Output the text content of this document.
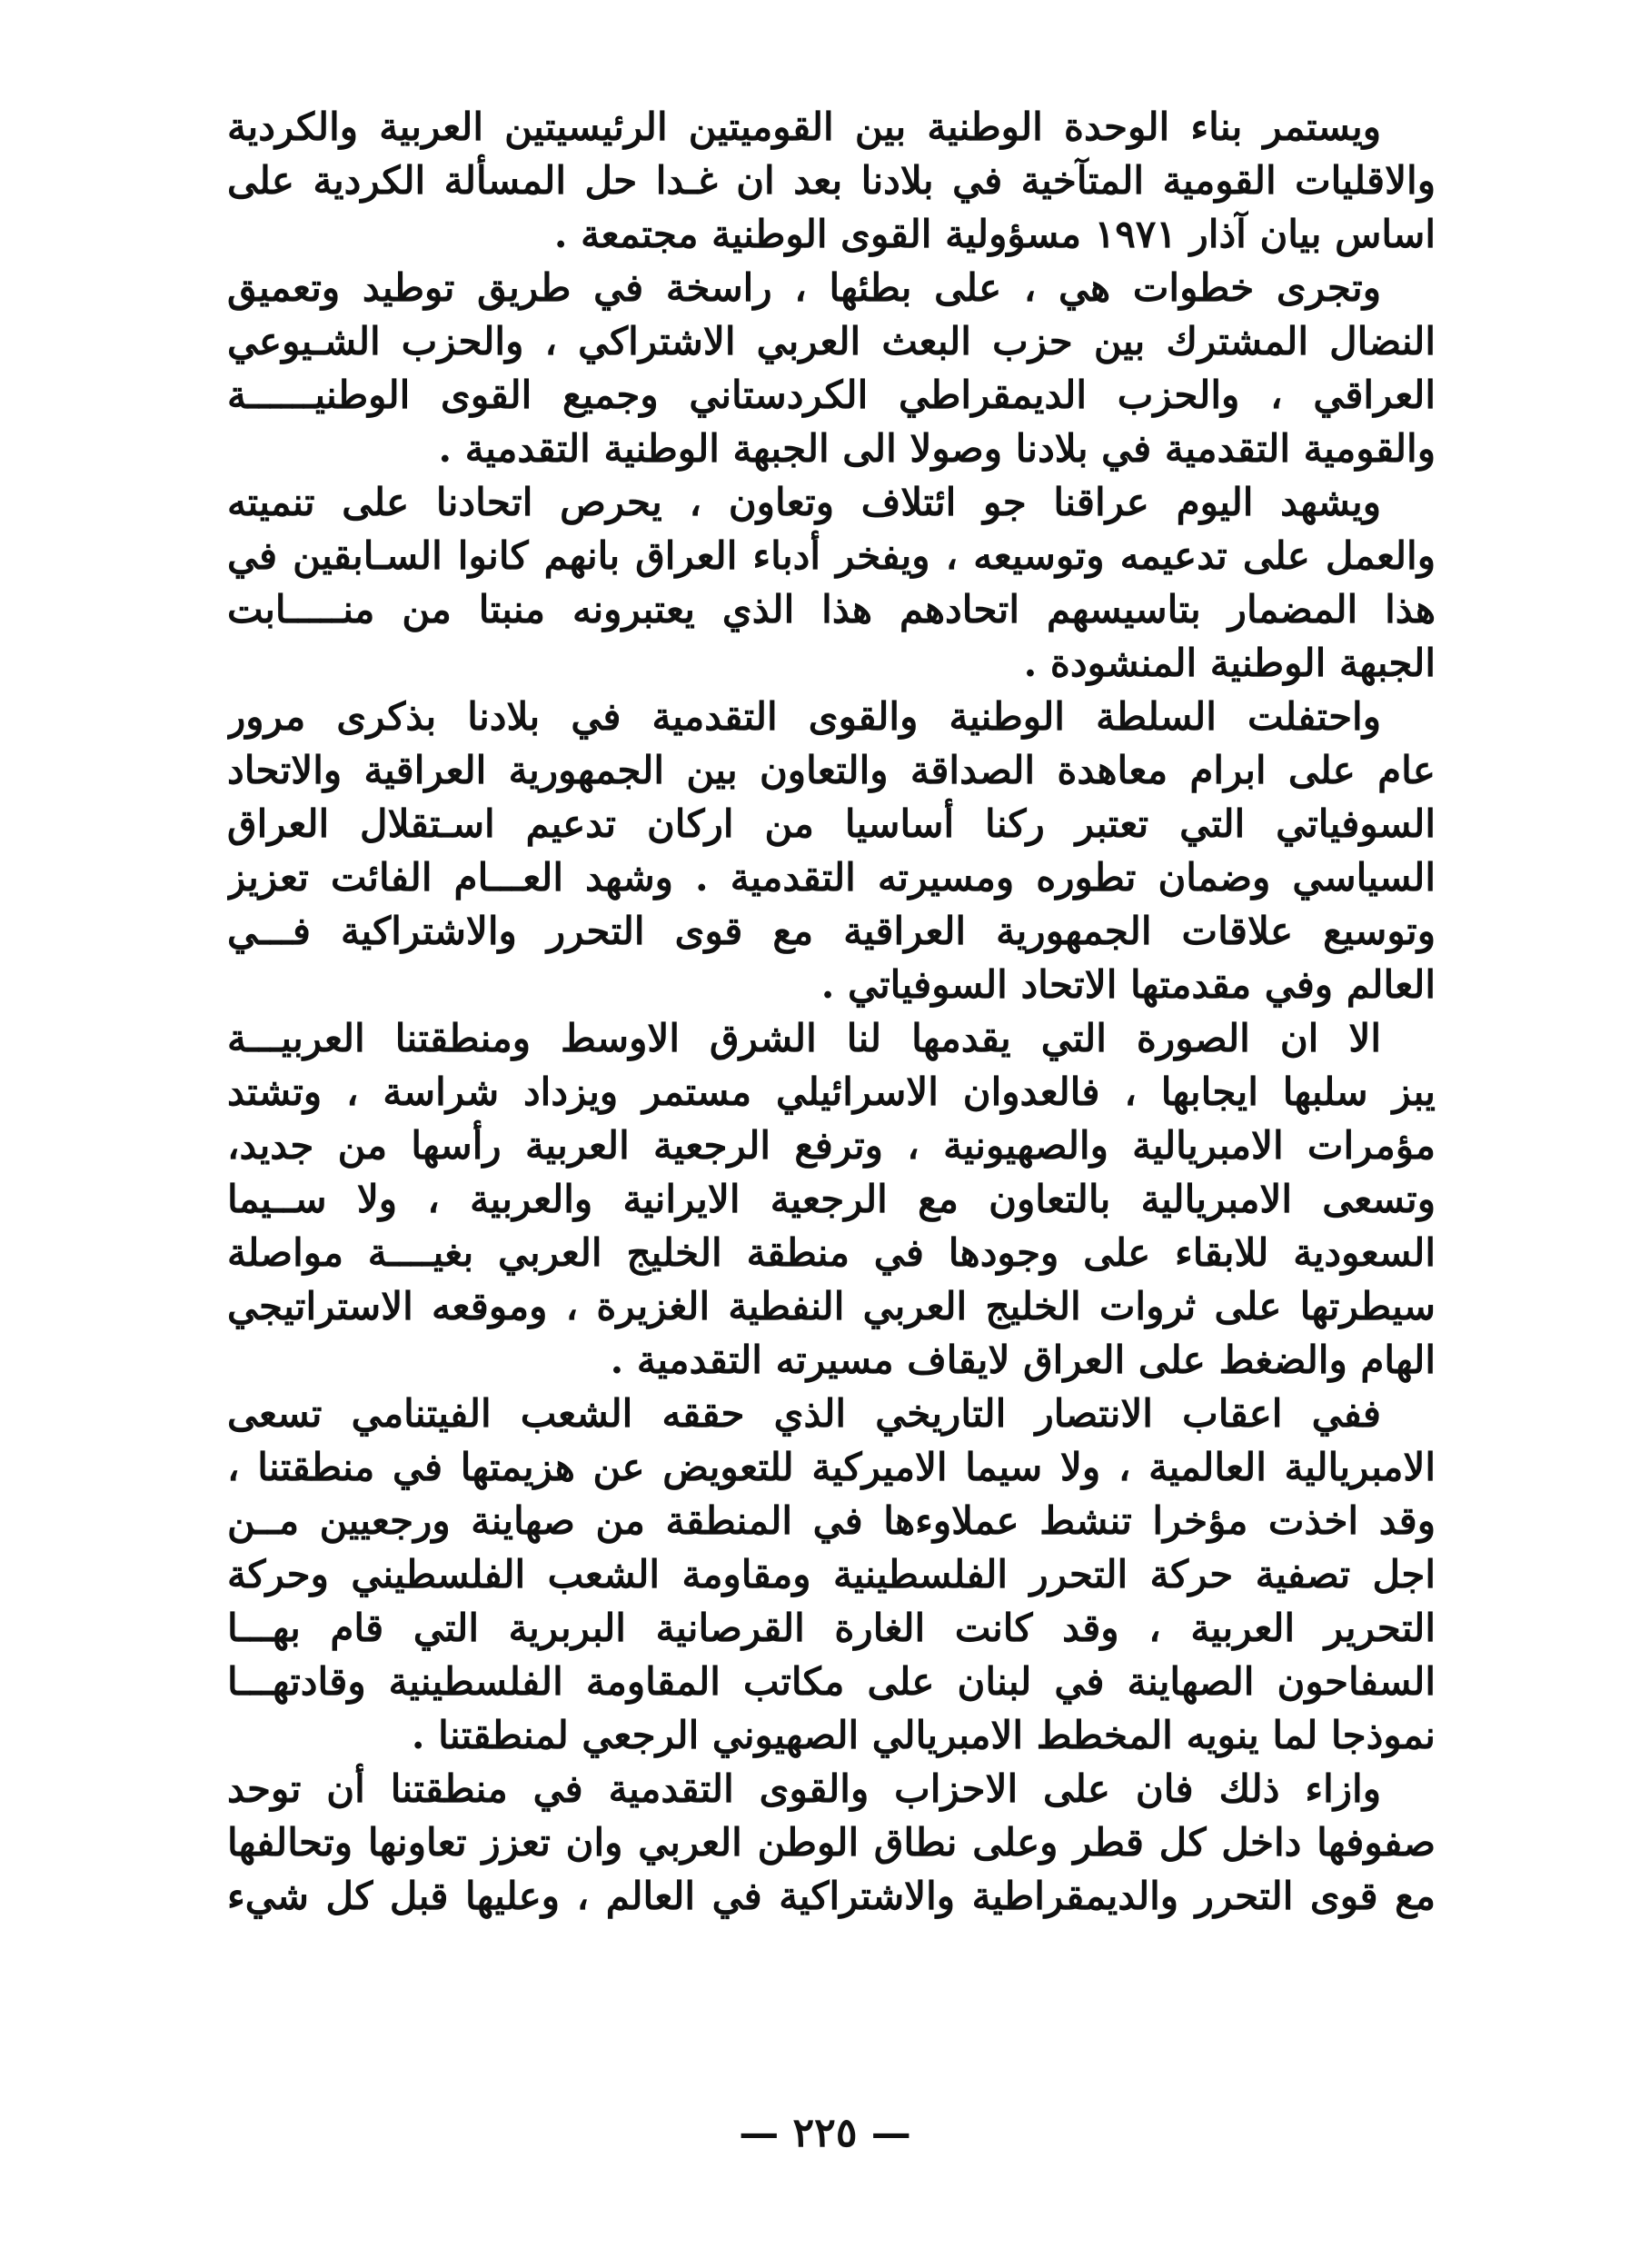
ويستمر بناء الوحدة الوطنية بين القوميتين الرئيسيتين العربية والكردية
والاقليات القومية المتآخية في بلادنا بعد ان غـدا حل المسألة الكردية على
اساس بيان آذار ١٩٧١ مسؤولية القوى الوطنية مجتمعة .

وتجرى خطوات هي ، على بطئها ، راسخة في طريق توطيد وتعميق
النضال المشترك بين حزب البعث العربي الاشتراكي ، والحزب الشـيوعي
العراقي ، والحزب الديمقراطي الكردستاني وجميع القوى الوطنيــــــة
والقومية التقدمية في بلادنا وصولا الى الجبهة الوطنية التقدمية .

ويشهد اليوم عراقنا جو ائتلاف وتعاون ، يحرص اتحادنا على تنميته
والعمل على تدعيمه وتوسيعه ، ويفخر أدباء العراق بانهم كانوا السـابقين في
هذا المضمار بتاسيسهم اتحادهم هذا الذي يعتبرونه منبتا من منـــــابت
الجبهة الوطنية المنشودة .

واحتفلت السلطة الوطنية والقوى التقدمية في بلادنا بذكرى مرور
عام على ابرام معاهدة الصداقة والتعاون بين الجمهورية العراقية والاتحاد
السوفياتي التي تعتبر ركنا أساسيا من اركان تدعيم اسـتقلال العراق
السياسي وضمان تطوره ومسيرته التقدمية . وشهد العـــام الفائت تعزيز
وتوسيع علاقات الجمهورية العراقية مع قوى التحرر والاشتراكية فـــي
العالم وفي مقدمتها الاتحاد السوفياتي .

الا ان الصورة التي يقدمها لنا الشرق الاوسط ومنطقتنا العربيـــة
يبز سلبها ايجابها ، فالعدوان الاسرائيلي مستمر ويزداد شراسة ، وتشتد
مؤمرات الامبريالية والصهيونية ، وترفع الرجعية العربية رأسها من جديد،
وتسعى الامبريالية بالتعاون مع الرجعية الايرانية والعربية ، ولا ســيما
السعودية للابقاء على وجودها في منطقة الخليج العربي بغيــــة مواصلة
سيطرتها على ثروات الخليج العربي النفطية الغزيرة ، وموقعه الاستراتيجي
الهام والضغط على العراق لايقاف مسيرته التقدمية .

ففي اعقاب الانتصار التاريخي الذي حققه الشعب الفيتنامي تسعى
الامبريالية العالمية ، ولا سيما الاميركية للتعويض عن هزيمتها في منطقتنا ،
وقد اخذت مؤخرا تنشط عملاوءها في المنطقة من صهاينة ورجعيين مــن
اجل تصفية حركة التحرر الفلسطينية ومقاومة الشعب الفلسطيني وحركة
التحرير العربية ، وقد كانت الغارة القرصانية البربرية التي قام بهـــا
السفاحون الصهاينة في لبنان على مكاتب المقاومة الفلسطينية وقادتهـــا
نموذجا لما ينويه المخطط الامبريالي الصهيوني الرجعي لمنطقتنا .

وازاء ذلك فان على الاحزاب والقوى التقدمية في منطقتنا أن توحد
صفوفها داخل كل قطر وعلى نطاق الوطن العربي وان تعزز تعاونها وتحالفها
مع قوى التحرر والديمقراطية والاشتراكية في العالم ، وعليها قبل كل شيء

— ٢٢٥ —
